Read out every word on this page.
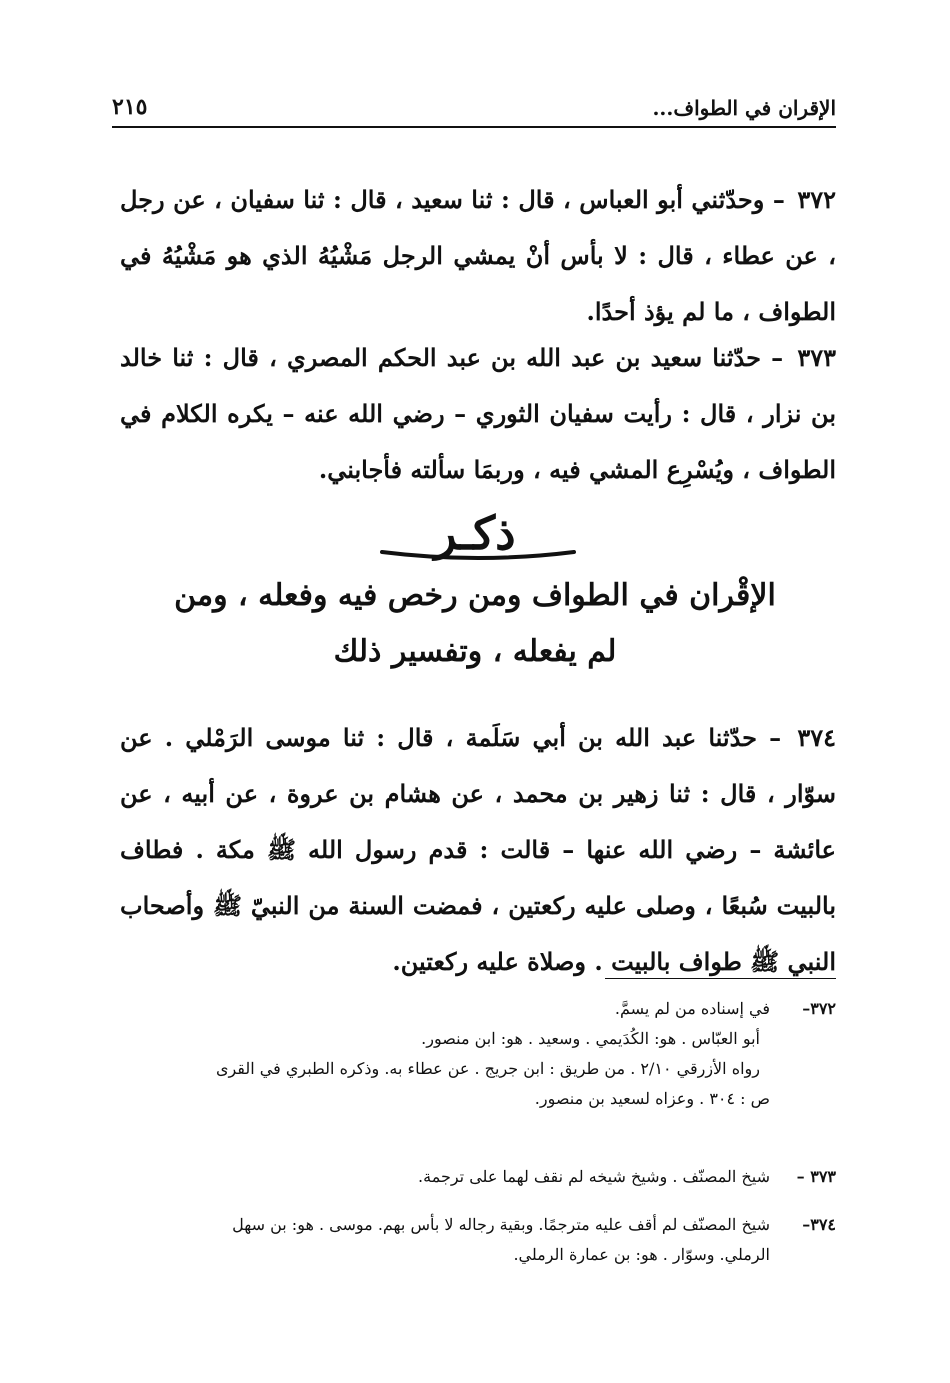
الإقران في الطواف...
٢١٥

٣٧٢ – وحدّثني أبو العباس ، قال : ثنا سعيد ، قال : ثنا سفيان ، عن رجل ، عن عطاء ، قال : لا بأس أنْ يمشي الرجل مَشْيُهُ الذي هو مَشْيُهُ في الطواف ، ما لم يؤذ أحدًا.

٣٧٣ – حدّثنا سعيد بن عبد الله بن عبد الحكم المصري ، قال : ثنا خالد بن نزار ، قال : رأيت سفيان الثوري – رضي الله عنه – يكره الكلام في الطواف ، ويُسْرِع المشي فيه ، وربمَا سألته فأجابني.

ذكـر
الإقْران في الطواف ومن رخص فيه وفعله ، ومن
لم يفعله ، وتفسير ذلك

٣٧٤ – حدّثنا عبد الله بن أبي سَلَمة ، قال : ثنا موسى الرَمْلي . عن سوّار ، قال : ثنا زهير بن محمد ، عن هشام بن عروة ، عن أبيه ، عن عائشة – رضي الله عنها – قالت : قدم رسول الله ﷺ مكة . فطاف بالبيت سُبعًا ، وصلى عليه ركعتين ، فمضت السنة من النبيّ ﷺ وأصحاب النبي ﷺ طواف بالبيت . وصلاة عليه ركعتين.

٣٧٢–
في إسناده من لم يسمَّ.
أبو العبّاس . هو: الكُدَيمي . وسعيد . هو: ابن منصور.
رواه الأزرقي ٢/١٠ . من طريق : ابن جريج . عن عطاء به. وذكره الطبري في القرى
ص : ٣٠٤ . وعزاه لسعيد بن منصور.
٣٧٣ –
شيخ المصنّف . وشيخ شيخه لم نقف لهما على ترجمة.
٣٧٤–
شيخ المصنّف لم أقف عليه مترجمًا. وبقية رجاله لا بأس بهم. موسى . هو: بن سهل
الرملي. وسوّار . هو: بن عمارة الرملي.
